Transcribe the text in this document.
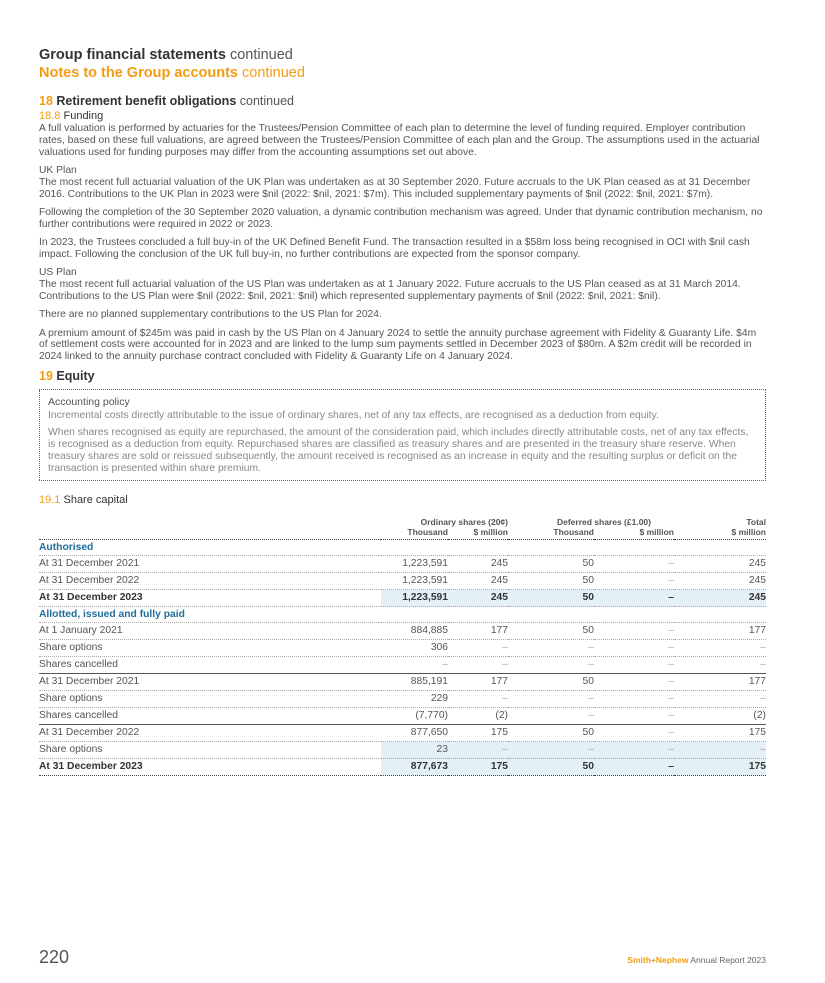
Group financial statements continued
Notes to the Group accounts continued
18 Retirement benefit obligations continued
18.8 Funding
A full valuation is performed by actuaries for the Trustees/Pension Committee of each plan to determine the level of funding required. Employer contribution rates, based on these full valuations, are agreed between the Trustees/Pension Committee of each plan and the Group. The assumptions used in the actuarial valuations used for funding purposes may differ from the accounting assumptions set out above.
UK Plan
The most recent full actuarial valuation of the UK Plan was undertaken as at 30 September 2020. Future accruals to the UK Plan ceased as at 31 December 2016. Contributions to the UK Plan in 2023 were $nil (2022: $nil, 2021: $7m). This included supplementary payments of $nil (2022: $nil, 2021: $7m).
Following the completion of the 30 September 2020 valuation, a dynamic contribution mechanism was agreed. Under that dynamic contribution mechanism, no further contributions were required in 2022 or 2023.
In 2023, the Trustees concluded a full buy-in of the UK Defined Benefit Fund. The transaction resulted in a $58m loss being recognised in OCI with $nil cash impact. Following the conclusion of the UK full buy-in, no further contributions are expected from the sponsor company.
US Plan
The most recent full actuarial valuation of the US Plan was undertaken as at 1 January 2022. Future accruals to the US Plan ceased as at 31 March 2014. Contributions to the US Plan were $nil (2022: $nil, 2021: $nil) which represented supplementary payments of $nil (2022: $nil, 2021: $nil).
There are no planned supplementary contributions to the US Plan for 2024.
A premium amount of $245m was paid in cash by the US Plan on 4 January 2024 to settle the annuity purchase agreement with Fidelity & Guaranty Life. $4m of settlement costs were accounted for in 2023 and are linked to the lump sum payments settled in December 2023 of $80m. A $2m credit will be recorded in 2024 linked to the annuity purchase contract concluded with Fidelity & Guaranty Life on 4 January 2024.
19 Equity
Accounting policy
Incremental costs directly attributable to the issue of ordinary shares, net of any tax effects, are recognised as a deduction from equity.
When shares recognised as equity are repurchased, the amount of the consideration paid, which includes directly attributable costs, net of any tax effects, is recognised as a deduction from equity. Repurchased shares are classified as treasury shares and are presented in the treasury share reserve. When treasury shares are sold or reissued subsequently, the amount received is recognised as an increase in equity and the resulting surplus or deficit on the transaction is presented within share premium.
19.1 Share capital
	Ordinary shares (20¢)		Deferred shares (£1.00)		Total
	Thousand	$ million	Thousand	$ million	$ million
Authorised					
At 31 December 2021	1,223,591	245	50	–	245
At 31 December 2022	1,223,591	245	50	–	245
At 31 December 2023	1,223,591	245	50	–	245
Allotted, issued and fully paid					
At 1 January 2021	884,885	177	50	–	177
Share options	306	–	–	–	–
Shares cancelled	–	–	–	–	–
At 31 December 2021	885,191	177	50	–	177
Share options	229	–	–	–	–
Shares cancelled	(7,770)	(2)	–	–	(2)
At 31 December 2022	877,650	175	50	–	175
Share options	23	–	–	–	–
At 31 December 2023	877,673	175	50	–	175
220	Smith+Nephew Annual Report 2023
